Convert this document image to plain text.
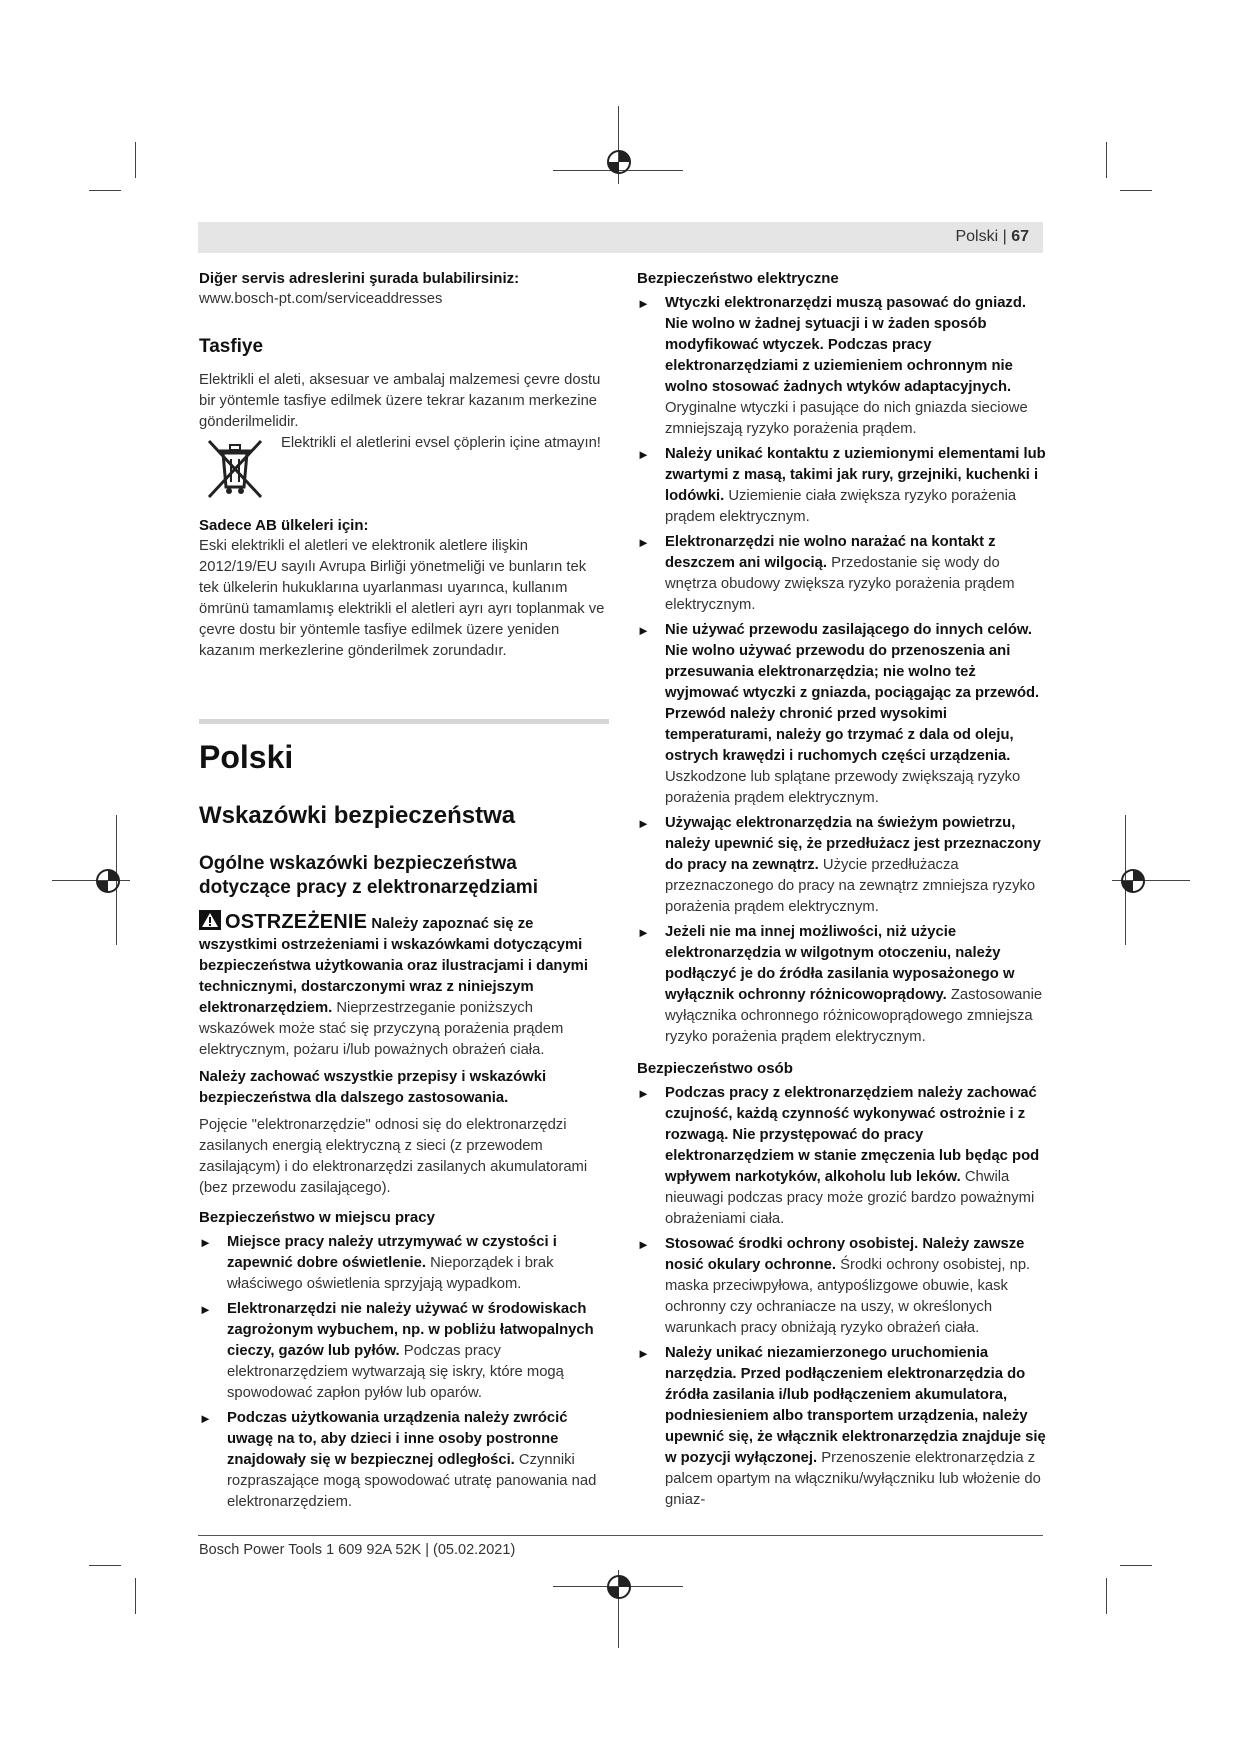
Polski | 67

Diğer servis adreslerini şurada bulabilirsiniz:

www.bosch-pt.com/serviceaddresses

Tasfiye

Elektrikli el aleti, aksesuar ve ambalaj malzemesi çevre dostu bir yöntemle tasfiye edilmek üzere tekrar kazanım merkezine gönderilmelidir.

Elektrikli el aletlerini evsel çöplerin içine atmayın!

Sadece AB ülkeleri için:

Eski elektrikli el aletleri ve elektronik aletlere ilişkin 2012/19/EU sayılı Avrupa Birliği yönetmeliği ve bunların tek tek ülkelerin hukuklarına uyarlanması uyarınca, kullanım ömrünü tamamlamış elektrikli el aletleri ayrı ayrı toplanmak ve çevre dostu bir yöntemle tasfiye edilmek üzere yeniden kazanım merkezlerine gönderilmek zorundadır.

Polski
Wskazówki bezpieczeństwa
Ogólne wskazówki bezpieczeństwa dotyczące pracy z elektronarzędziami

OSTRZEŻENIE Należy zapoznać się ze wszystkimi ostrzeżeniami i wskazówkami dotyczącymi bezpieczeństwa użytkowania oraz ilustracjami i danymi technicznymi, dostarczonymi wraz z niniejszym elektronarzędziem. Nieprzestrzeganie poniższych wskazówek może stać się przyczyną porażenia prądem elektrycznym, pożaru i/lub poważnych obrażeń ciała.

Należy zachować wszystkie przepisy i wskazówki bezpieczeństwa dla dalszego zastosowania.

Pojęcie "elektronarzędzie" odnosi się do elektronarzędzi zasilanych energią elektryczną z sieci (z przewodem zasilającym) i do elektronarzędzi zasilanych akumulatorami (bez przewodu zasilającego).

Bezpieczeństwo w miejscu pracy

► Miejsce pracy należy utrzymywać w czystości i zapewnić dobre oświetlenie. Nieporządek i brak właściwego oświetlenia sprzyjają wypadkom.
► Elektronarzędzi nie należy używać w środowiskach zagrożonym wybuchem, np. w pobliżu łatwopalnych cieczy, gazów lub pyłów. Podczas pracy elektronarzędziem wytwarzają się iskry, które mogą spowodować zapłon pyłów lub oparów.
► Podczas użytkowania urządzenia należy zwrócić uwagę na to, aby dzieci i inne osoby postronne znajdowały się w bezpiecznej odległości. Czynniki rozpraszające mogą spowodować utratę panowania nad elektronarzędziem.

Bezpieczeństwo elektryczne

► Wtyczki elektronarzędzi muszą pasować do gniazd. Nie wolno w żadnej sytuacji i w żaden sposób modyfikować wtyczek. Podczas pracy elektronarzędziami z uziemieniem ochronnym nie wolno stosować żadnych wtyków adaptacyjnych. Oryginalne wtyczki i pasujące do nich gniazda sieciowe zmniejszają ryzyko porażenia prądem.
► Należy unikać kontaktu z uziemionymi elementami lub zwartymi z masą, takimi jak rury, grzejniki, kuchenki i lodówki. Uziemienie ciała zwiększa ryzyko porażenia prądem elektrycznym.
► Elektronarzędzi nie wolno narażać na kontakt z deszczem ani wilgocią. Przedostanie się wody do wnętrza obudowy zwiększa ryzyko porażenia prądem elektrycznym.
► Nie używać przewodu zasilającego do innych celów. Nie wolno używać przewodu do przenoszenia ani przesuwania elektronarzędzia; nie wolno też wyjmować wtyczki z gniazda, pociągając za przewód. Przewód należy chronić przed wysokimi temperaturami, należy go trzymać z dala od oleju, ostrych krawędzi i ruchomych części urządzenia. Uszkodzone lub splątane przewody zwiększają ryzyko porażenia prądem elektrycznym.
► Używając elektronarzędzia na świeżym powietrzu, należy upewnić się, że przedłużacz jest przeznaczony do pracy na zewnątrz. Użycie przedłużacza przeznaczonego do pracy na zewnątrz zmniejsza ryzyko porażenia prądem elektrycznym.
► Jeżeli nie ma innej możliwości, niż użycie elektronarzędzia w wilgotnym otoczeniu, należy podłączyć je do źródła zasilania wyposażonego w wyłącznik ochronny różnicowoprądowy. Zastosowanie wyłącznika ochronnego różnicowoprądowego zmniejsza ryzyko porażenia prądem elektrycznym.

Bezpieczeństwo osób

► Podczas pracy z elektronarzędziem należy zachować czujność, każdą czynność wykonywać ostrożnie i z rozwagą. Nie przystępować do pracy elektronarzędziem w stanie zmęczenia lub będąc pod wpływem narkotyków, alkoholu lub leków. Chwila nieuwagi podczas pracy może grozić bardzo poważnymi obrażeniami ciała.
► Stosować środki ochrony osobistej. Należy zawsze nosić okulary ochronne. Środki ochrony osobistej, np. maska przeciwpyłowa, antypoślizgowe obuwie, kask ochronny czy ochraniacze na uszy, w określonych warunkach pracy obniżają ryzyko obrażeń ciała.
► Należy unikać niezamierzonego uruchomienia narzędzia. Przed podłączeniem elektronarzędzia do źródła zasilania i/lub podłączeniem akumulatora, podniesieniem albo transportem urządzenia, należy upewnić się, że włącznik elektronarzędzia znajduje się w pozycji wyłączonej. Przenoszenie elektronarzędzia z palcem opartym na włączniku/wyłączniku lub włożenie do gniaz-
Bosch Power Tools 1 609 92A 52K | (05.02.2021)
